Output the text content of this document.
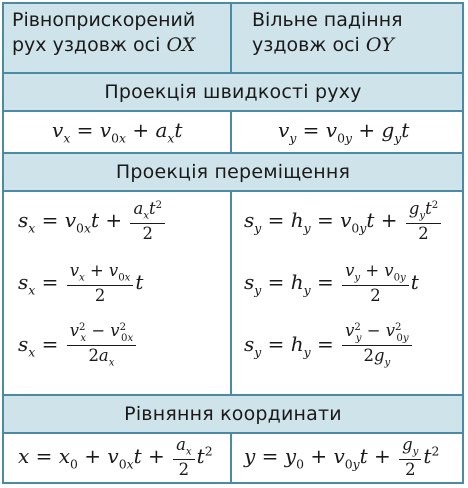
Рівноприскорений
рух уздовж осі OX
Вільне падіння
уздовж осі OY
Проекція швидкості руху
$v_x = v_{0x} + a_xt$	$v_y = v_{0y} + g_yt$
Проекція переміщення
$s_x = v_{0x}t + \frac{a_xt^2}{2}$
$s_x = \frac{v_x + v_{0x}}{2}$ t
$s_x = \frac{v^2_x - v^2_{0x}}{2a_x}$
$s_y = h_y = v_{0y}t + \frac{g_yt^2}{2}$
$s_y = h_y = \frac{v_y + v_{0y}}{2}$ t
$s_y = h_y = \frac{v^2_y - v^2_{0y}}{2g_y}$
Рівняння координати
$x = x_0 + v_{0x}t + \frac{a_x}{2} t^2$ $y = y_0 + v_{0y}t + \frac{g_y}{2} t^2$
